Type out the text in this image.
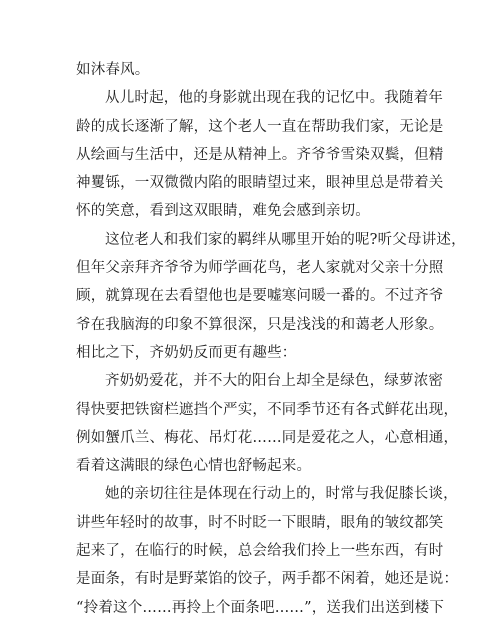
如沐春风。
从儿时起，他的身影就出现在我的记忆中。我随着年
龄的成长逐渐了解，这个老人一直在帮助我们家，无论是
从绘画与生活中，还是从精神上。齐爷爷雪染双鬓，但精
神矍铄，一双微微内陷的眼睛望过来，眼神里总是带着关
怀的笑意，看到这双眼睛，难免会感到亲切。
这位老人和我们家的羁绊从哪里开始的呢?听父母讲述，
但年父亲拜齐爷爷为师学画花鸟，老人家就对父亲十分照
顾，就算现在去看望他也是要嘘寒问暖一番的。不过齐爷
爷在我脑海的印象不算很深，只是浅浅的和蔼老人形象。
相比之下，齐奶奶反而更有趣些：
齐奶奶爱花，并不大的阳台上却全是绿色，绿萝浓密
得快要把铁窗栏遮挡个严实，不同季节还有各式鲜花出现，
例如蟹爪兰、梅花、吊灯花……同是爱花之人，心意相通，
看着这满眼的绿色心情也舒畅起来。
她的亲切往往是体现在行动上的，时常与我促膝长谈，
讲些年轻时的故事，时不时眨一下眼睛，眼角的皱纹都笑
起来了，在临行的时候，总会给我们拎上一些东西，有时
是面条，有时是野菜馅的饺子，两手都不闲着，她还是说：
“拎着这个……再拎上个面条吧……”，送我们出送到楼下
